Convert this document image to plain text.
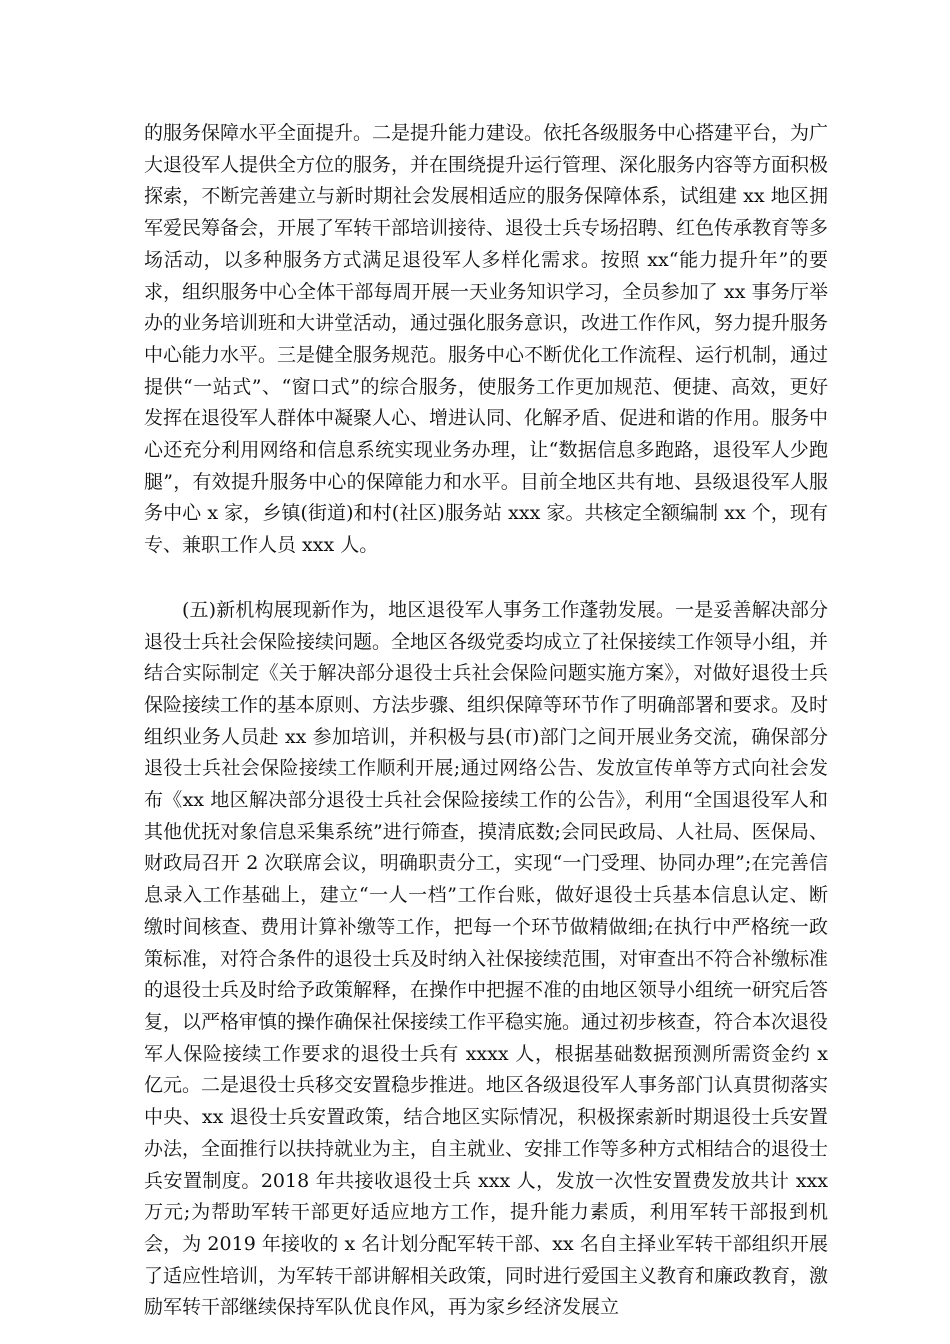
的服务保障水平全面提升。二是提升能力建设。依托各级服务中心搭建平台，为广大退役军人提供全方位的服务，并在围绕提升运行管理、深化服务内容等方面积极探索，不断完善建立与新时期社会发展相适应的服务保障体系，试组建 xx 地区拥军爱民筹备会，开展了军转干部培训接待、退役士兵专场招聘、红色传承教育等多场活动，以多种服务方式满足退役军人多样化需求。按照 xx“能力提升年”的要求，组织服务中心全体干部每周开展一天业务知识学习，全员参加了 xx 事务厅举办的业务培训班和大讲堂活动，通过强化服务意识，改进工作作风，努力提升服务中心能力水平。三是健全服务规范。服务中心不断优化工作流程、运行机制，通过提供“一站式”、“窗口式”的综合服务，使服务工作更加规范、便捷、高效，更好发挥在退役军人群体中凝聚人心、增进认同、化解矛盾、促进和谐的作用。服务中心还充分利用网络和信息系统实现业务办理，让“数据信息多跑路，退役军人少跑腿”，有效提升服务中心的保障能力和水平。目前全地区共有地、县级退役军人服务中心 x 家，乡镇(街道)和村(社区)服务站 xxx 家。共核定全额编制 xx 个，现有专、兼职工作人员 xxx 人。

(五)新机构展现新作为，地区退役军人事务工作蓬勃发展。一是妥善解决部分退役士兵社会保险接续问题。全地区各级党委均成立了社保接续工作领导小组，并结合实际制定《关于解决部分退役士兵社会保险问题实施方案》，对做好退役士兵保险接续工作的基本原则、方法步骤、组织保障等环节作了明确部署和要求。及时组织业务人员赴 xx 参加培训，并积极与县(市)部门之间开展业务交流，确保部分退役士兵社会保险接续工作顺利开展;通过网络公告、发放宣传单等方式向社会发布《xx 地区解决部分退役士兵社会保险接续工作的公告》，利用“全国退役军人和其他优抚对象信息采集系统”进行筛查，摸清底数;会同民政局、人社局、医保局、财政局召开 2 次联席会议，明确职责分工，实现“一门受理、协同办理”;在完善信息录入工作基础上，建立“一人一档”工作台账，做好退役士兵基本信息认定、断缴时间核查、费用计算补缴等工作，把每一个环节做精做细;在执行中严格统一政策标准，对符合条件的退役士兵及时纳入社保接续范围，对审查出不符合补缴标准的退役士兵及时给予政策解释，在操作中把握不准的由地区领导小组统一研究后答复，以严格审慎的操作确保社保接续工作平稳实施。通过初步核查，符合本次退役军人保险接续工作要求的退役士兵有 xxxx 人，根据基础数据预测所需资金约 x 亿元。二是退役士兵移交安置稳步推进。地区各级退役军人事务部门认真贯彻落实中央、xx 退役士兵安置政策，结合地区实际情况，积极探索新时期退役士兵安置办法，全面推行以扶持就业为主，自主就业、安排工作等多种方式相结合的退役士兵安置制度。2018 年共接收退役士兵 xxx 人，发放一次性安置费发放共计 xxx 万元;为帮助军转干部更好适应地方工作，提升能力素质，利用军转干部报到机会，为 2019 年接收的 x 名计划分配军转干部、xx 名自主择业军转干部组织开展了适应性培训，为军转干部讲解相关政策，同时进行爱国主义教育和廉政教育，激励军转干部继续保持军队优良作风，再为家乡经济发展立
